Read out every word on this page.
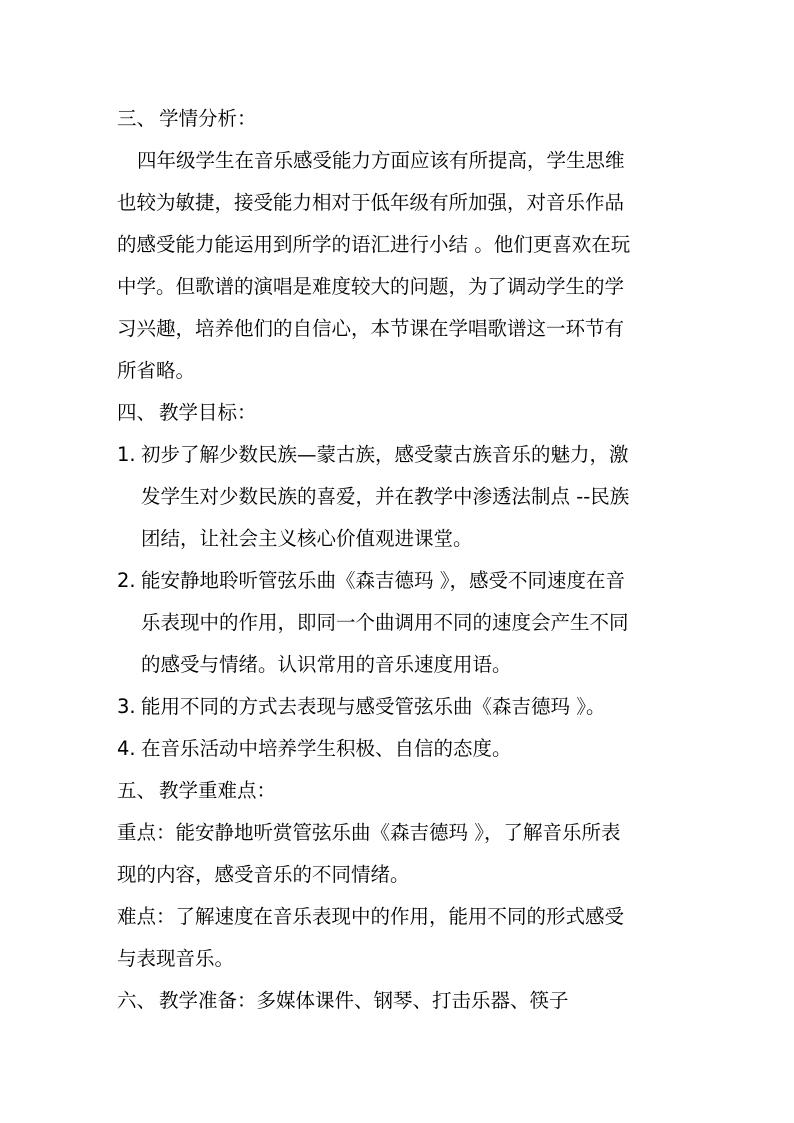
三、 学情分析：
四年级学生在音乐感受能力方面应该有所提高，学生思维
也较为敏捷，接受能力相对于低年级有所加强，对音乐作品
的感受能力能运用到所学的语汇进行小结 。他们更喜欢在玩
中学。但歌谱的演唱是难度较大的问题，为了调动学生的学
习兴趣，培养他们的自信心，本节课在学唱歌谱这一环节有
所省略。
四、 教学目标：
1. 初步了解少数民族—蒙古族，感受蒙古族音乐的魅力，激
发学生对少数民族的喜爱，并在教学中渗透法制点 --民族
团结，让社会主义核心价值观进课堂。
2. 能安静地聆听管弦乐曲《森吉德玛 》，感受不同速度在音
乐表现中的作用，即同一个曲调用不同的速度会产生不同
的感受与情绪。认识常用的音乐速度用语。
3. 能用不同的方式去表现与感受管弦乐曲《森吉德玛 》。
4. 在音乐活动中培养学生积极、自信的态度。
五、 教学重难点：
重点：能安静地听赏管弦乐曲《森吉德玛 》，了解音乐所表
现的内容，感受音乐的不同情绪。
难点：了解速度在音乐表现中的作用，能用不同的形式感受
与表现音乐。
六、 教学准备：多媒体课件、钢琴、打击乐器、筷子
